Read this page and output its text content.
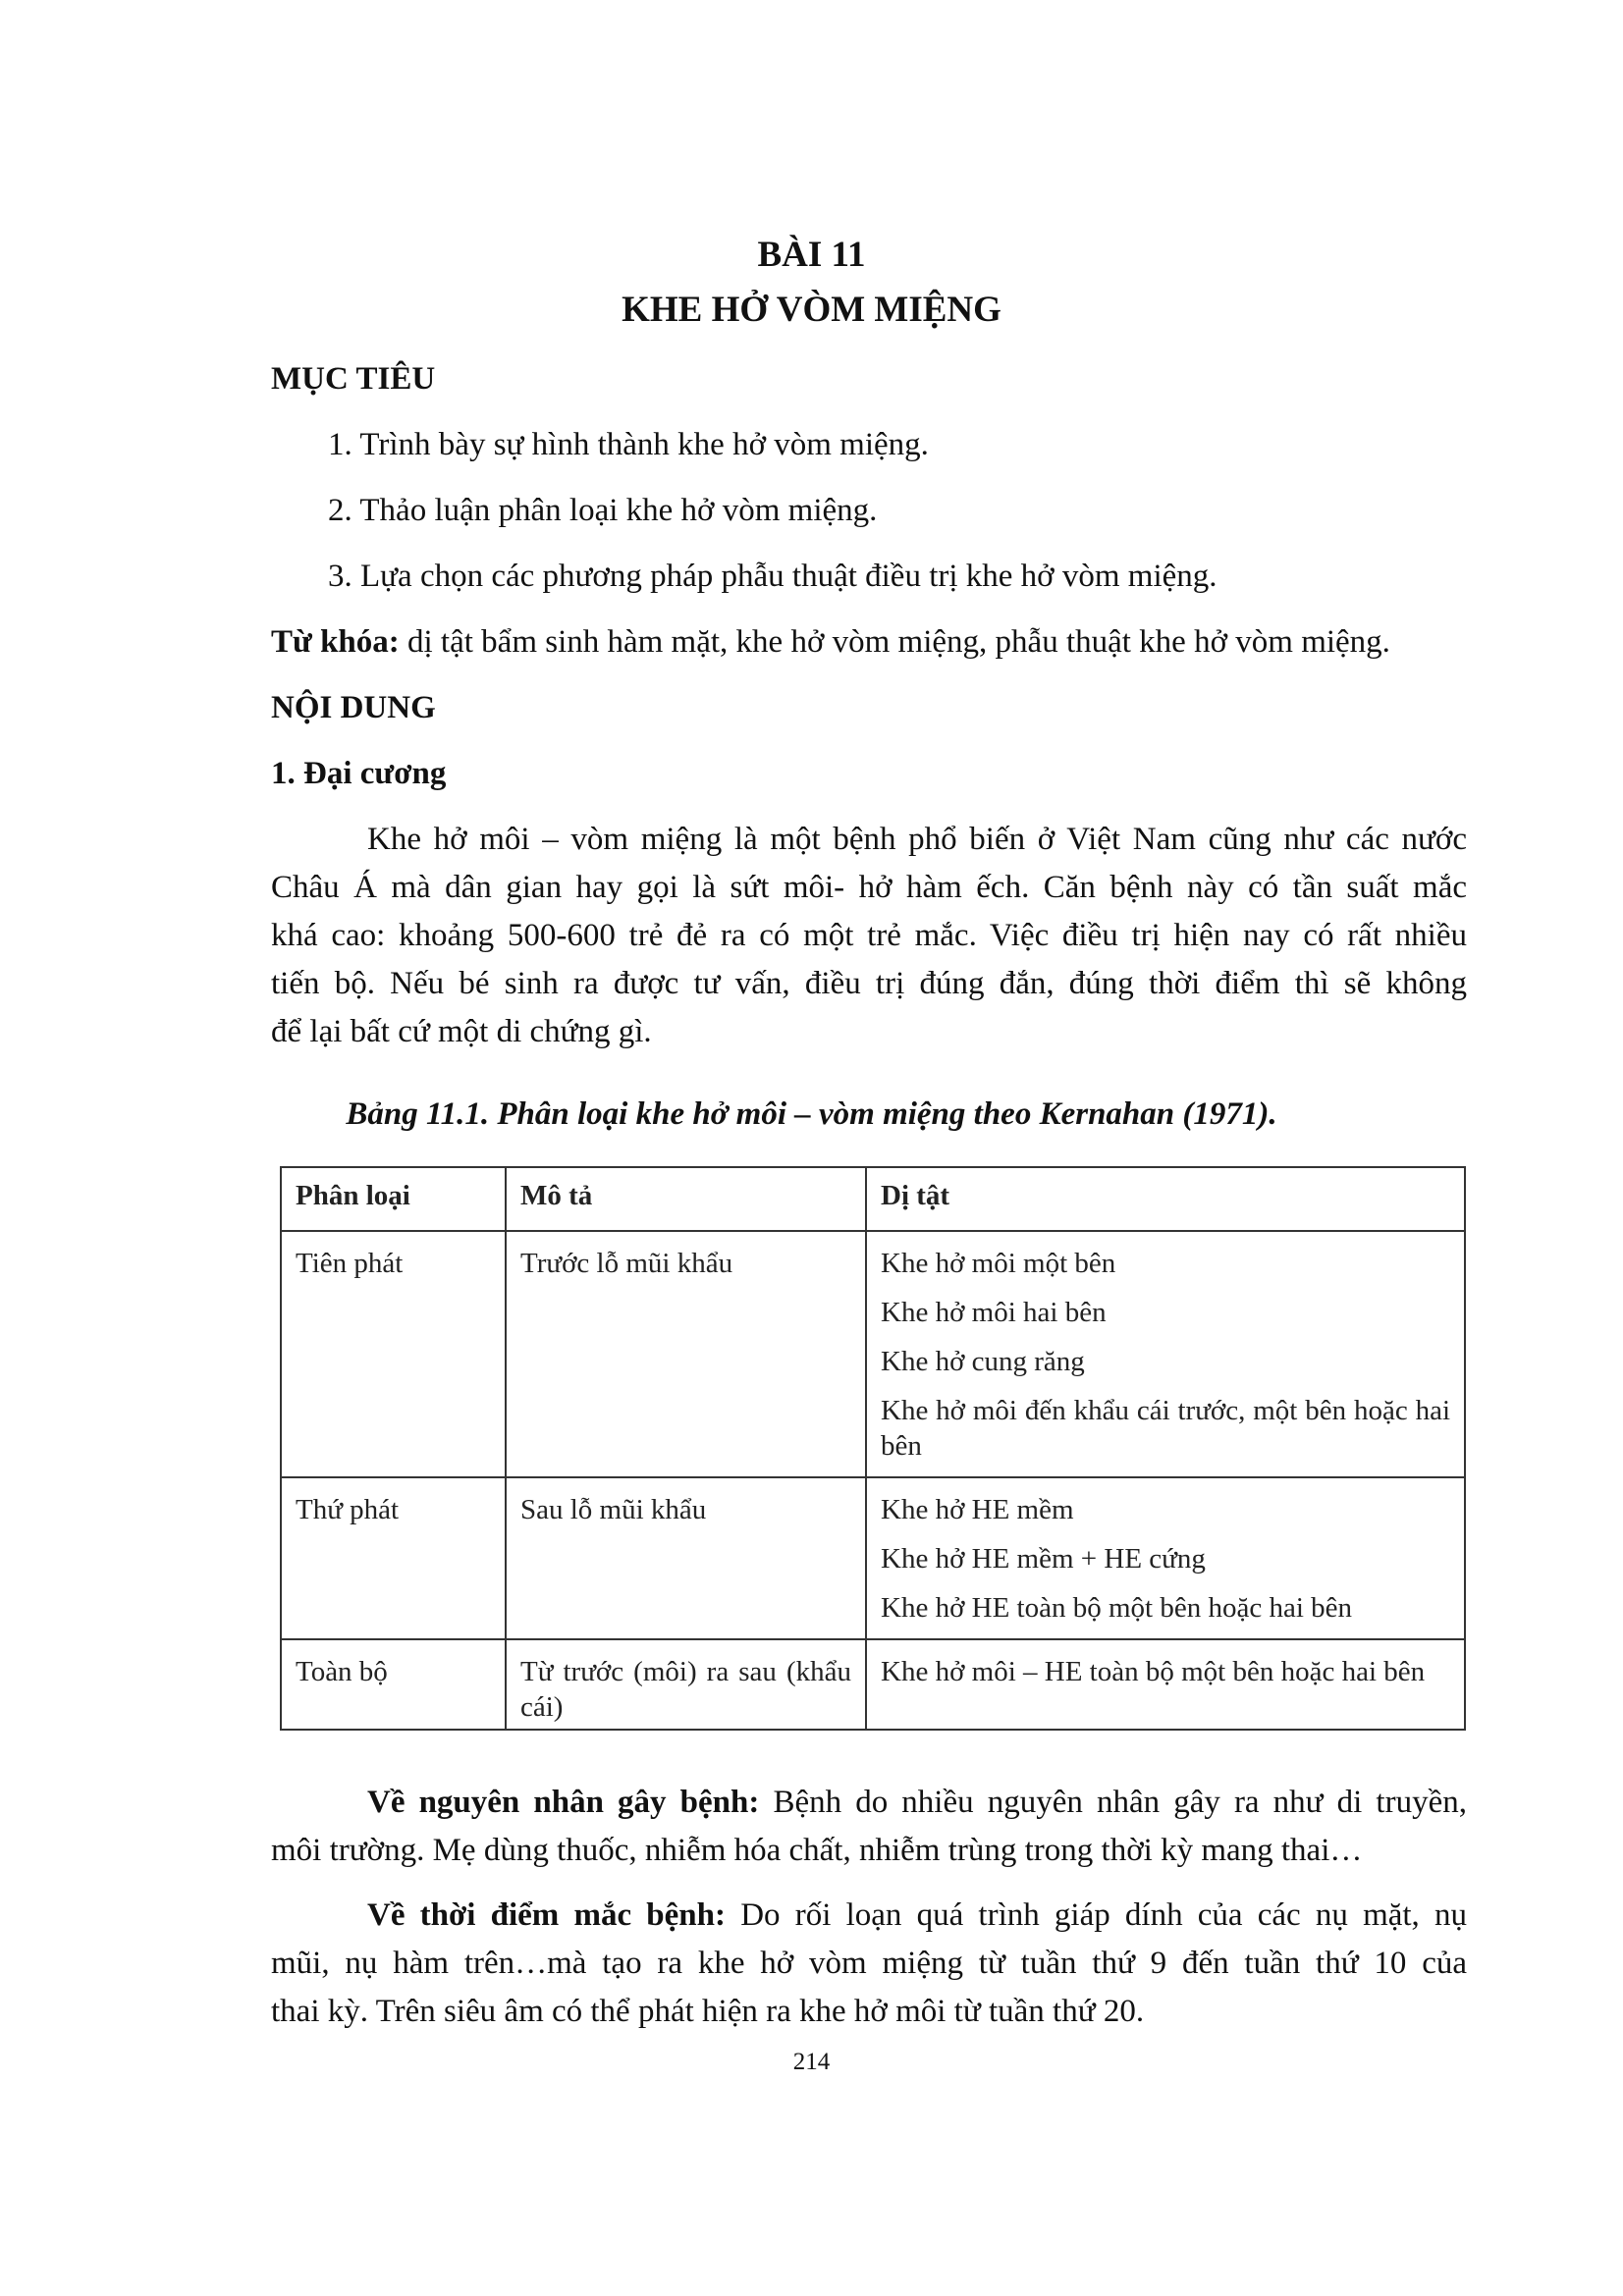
BÀI 11
KHE HỞ VÒM MIỆNG
MỤC TIÊU
1. Trình bày sự hình thành khe hở vòm miệng.
2. Thảo luận phân loại khe hở vòm miệng.
3. Lựa chọn các phương pháp phẫu thuật điều trị khe hở vòm miệng.
Từ khóa: dị tật bẩm sinh hàm mặt, khe hở vòm miệng, phẫu thuật khe hở vòm miệng.
NỘI DUNG
1. Đại cương
Khe hở môi – vòm miệng là một bệnh phổ biến ở Việt Nam cũng như các nước
Châu Á mà dân gian hay gọi là sứt môi- hở hàm ếch. Căn bệnh này có tần suất mắc
khá cao: khoảng 500-600 trẻ đẻ ra có một trẻ mắc. Việc điều trị hiện nay có rất nhiều
tiến bộ. Nếu bé sinh ra được tư vấn, điều trị đúng đắn, đúng thời điểm thì sẽ không
để lại bất cứ một di chứng gì.
Bảng 11.1. Phân loại khe hở môi – vòm miệng theo Kernahan (1971).
Phân loại	Mô tả	Dị tật

Tiên phát	Trước lỗ mũi khẩu	Khe hở môi một bên
Khe hở môi hai bên
Khe hở cung răng
Khe hở môi đến khẩu cái trước, một bên hoặc hai bên

Thứ phát	Sau lỗ mũi khẩu	Khe hở HE mềm
Khe hở HE mềm + HE cứng
Khe hở HE toàn bộ một bên hoặc hai bên

Toàn bộ	Từ trước (môi) ra sau (khẩu cái)	Khe hở môi – HE toàn bộ một bên hoặc hai bên
Về nguyên nhân gây bệnh: Bệnh do nhiều nguyên nhân gây ra như di truyền,
môi trường. Mẹ dùng thuốc, nhiễm hóa chất, nhiễm trùng trong thời kỳ mang thai…
Về thời điểm mắc bệnh: Do rối loạn quá trình giáp dính của các nụ mặt, nụ
mũi, nụ hàm trên…mà tạo ra khe hở vòm miệng từ tuần thứ 9 đến tuần thứ 10 của
thai kỳ. Trên siêu âm có thể phát hiện ra khe hở môi từ tuần thứ 20.
214
